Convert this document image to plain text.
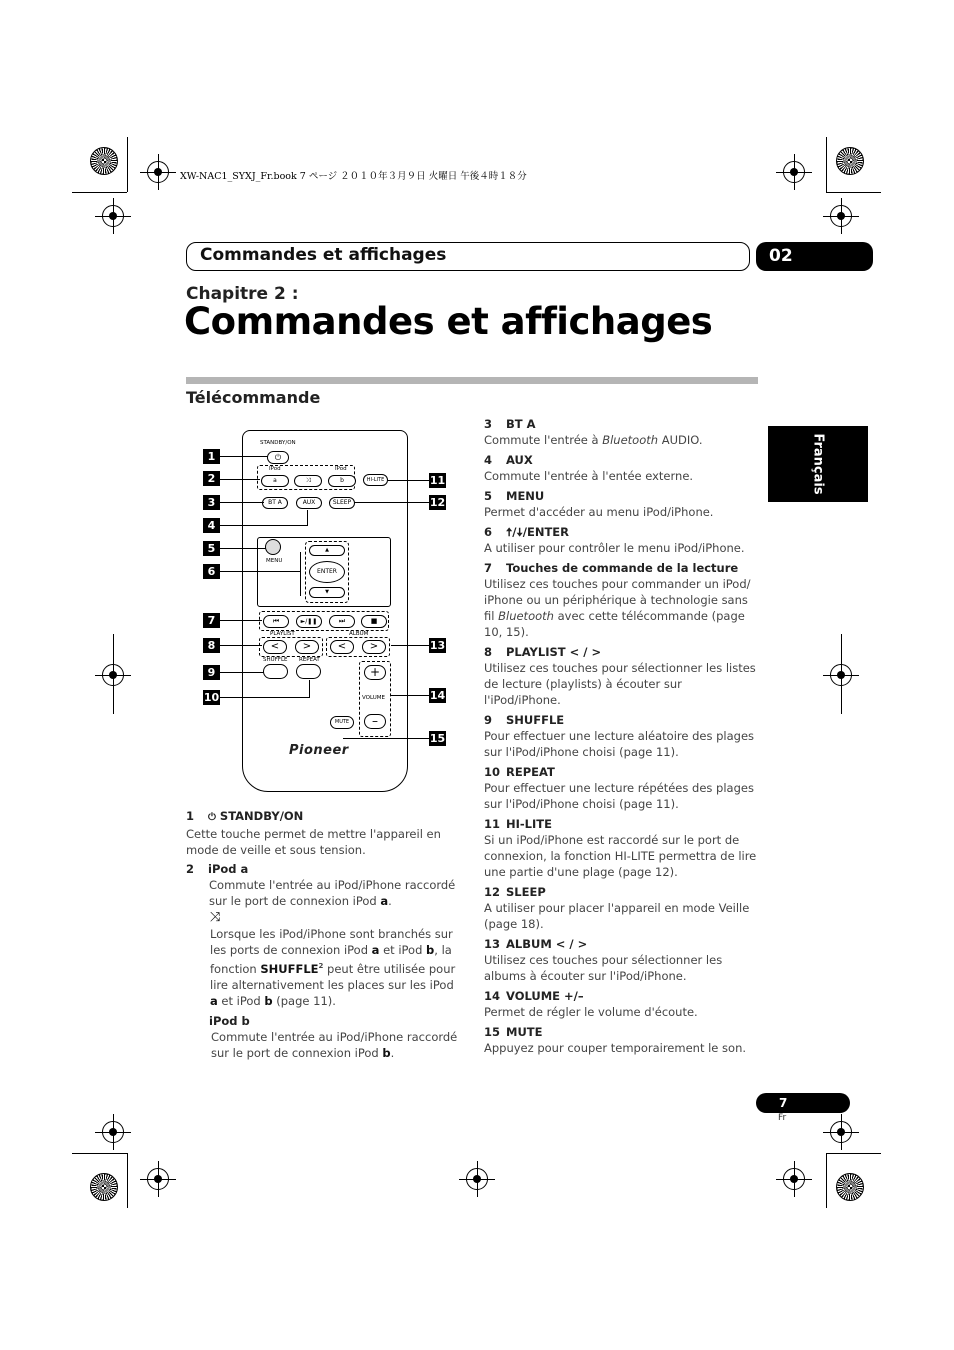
XW-NAC1_SYXJ_Fr.book 7 ページ ２０１０年３月９日 火曜日 午後４時１８分
Commandes et affichages	02
Chapitre 2 :
Commandes et affichages
Télécommande
Français
STANDBY/ON
⏻
IPod	IPod
a	⤨	b	HI-LITE
BT A	AUX	SLEEP
MENU
▲
ENTER
▼
⏮	►/❚❚	⏭	■
PLAYLIST	ALBUM
<	>	<	>
SHUFFLE REPEAT
+
VOLUME
–
MUTE
Pioneer
1
2
3
4
5
6
7
8
9
10
11
12
13
14
15
1 ⏻ STANDBY/ON
Cette touche permet de mettre l'appareil en mode de veille et sous tension.
2 iPod a
Commute l'entrée au iPod/iPhone raccordé sur le port de connexion iPod a.
⤨
Lorsque les iPod/iPhone sont branchés sur les ports de connexion iPod a et iPod b, la fonction SHUFFLE$^2$ peut être utilisée pour lire alternativement les places sur les iPod a et iPod b (page 11).
iPod b
Commute l'entrée au iPod/iPhone raccordé sur le port de connexion iPod b.
3 BT A
Commute l'entrée à Bluetooth AUDIO.
4 AUX
Commute l'entrée à l'entée externe.
5 MENU
Permet d'accéder au menu iPod/iPhone.
6 🠅/🠇/ENTER
A utiliser pour contrôler le menu iPod/iPhone.
7 Touches de commande de la lecture
Utilisez ces touches pour commander un iPod/ iPhone ou un périphérique à technologie sans fil Bluetooth avec cette télécommande (page 10, 15).
8 PLAYLIST < / >
Utilisez ces touches pour sélectionner les listes de lecture (playlists) à écouter sur l'iPod/iPhone.
9 SHUFFLE
Pour effectuer une lecture aléatoire des plages sur l'iPod/iPhone choisi (page 11).
10 REPEAT
Pour effectuer une lecture répétées des plages sur l'iPod/iPhone choisi (page 11).
11 HI-LITE
Si un iPod/iPhone est raccordé sur le port de connexion, la fonction HI-LITE permettra de lire une partie d'une plage (page 12).
12 SLEEP
A utiliser pour placer l'appareil en mode Veille (page 18).
13 ALBUM < / >
Utilisez ces touches pour sélectionner les albums à écouter sur l'iPod/iPhone.
14 VOLUME +/–
Permet de régler le volume d'écoute.
15 MUTE
Appuyez pour couper temporairement le son.
7
Fr
